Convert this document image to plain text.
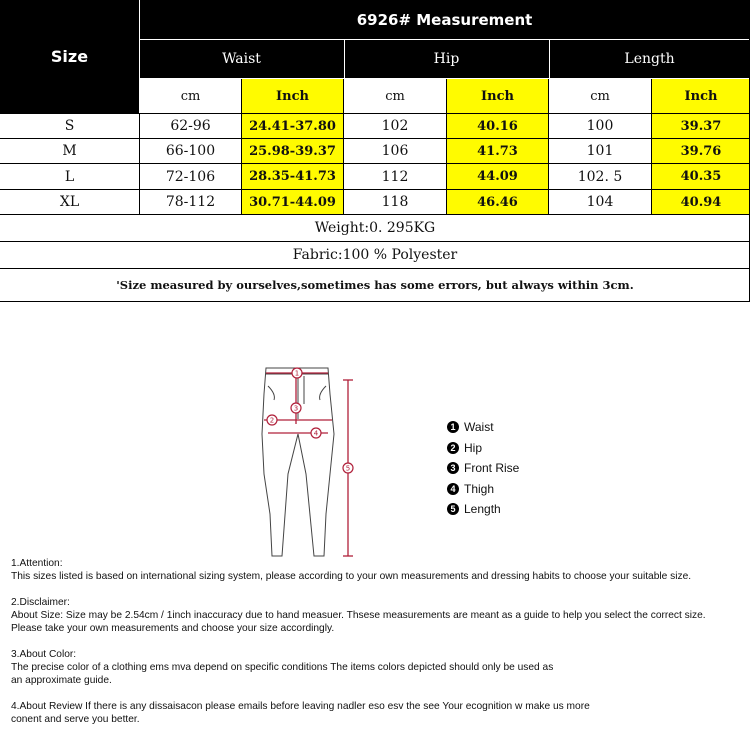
Size
6926# Measurement
Waist	Hip	Length
cm	Inch	cm	Inch	cm	Inch
S	62-96	24.41-37.80	102	40.16	100	39.37
M	66-100	25.98-39.37	106	41.73	101	39.76
L	72-106	28.35-41.73	112	44.09	102. 5	40.35
XL	78-112	30.71-44.09	118	46.46	104	40.94
Weight:0. 295KG
Fabric:100 % Polyester
'Size measured by ourselves,sometimes has some errors, but always within 3cm.
1
3
2
4
5
1 Waist
2 Hip
3 Front Rise
4 Thigh
5 Length
1.Attention:
This sizes listed is based on international sizing system, please according to your own measurements and dressing habits to choose your suitable size.
2.Disclaimer:
About Size: Size may be 2.54cm / 1inch inaccuracy due to hand measuer. Thsese measurements are meant as a guide to help you select the correct size.
Please take your own measurements and choose your size accordingly.
3.About Color:
The precise color of a clothing ems mva depend on specific conditions The items colors depicted should only be used as
an approximate guide.
4.About Review If there is any dissaisacon please emails before leaving nadler eso esv the see Your ecognition w make us more
conent and serve you better.
